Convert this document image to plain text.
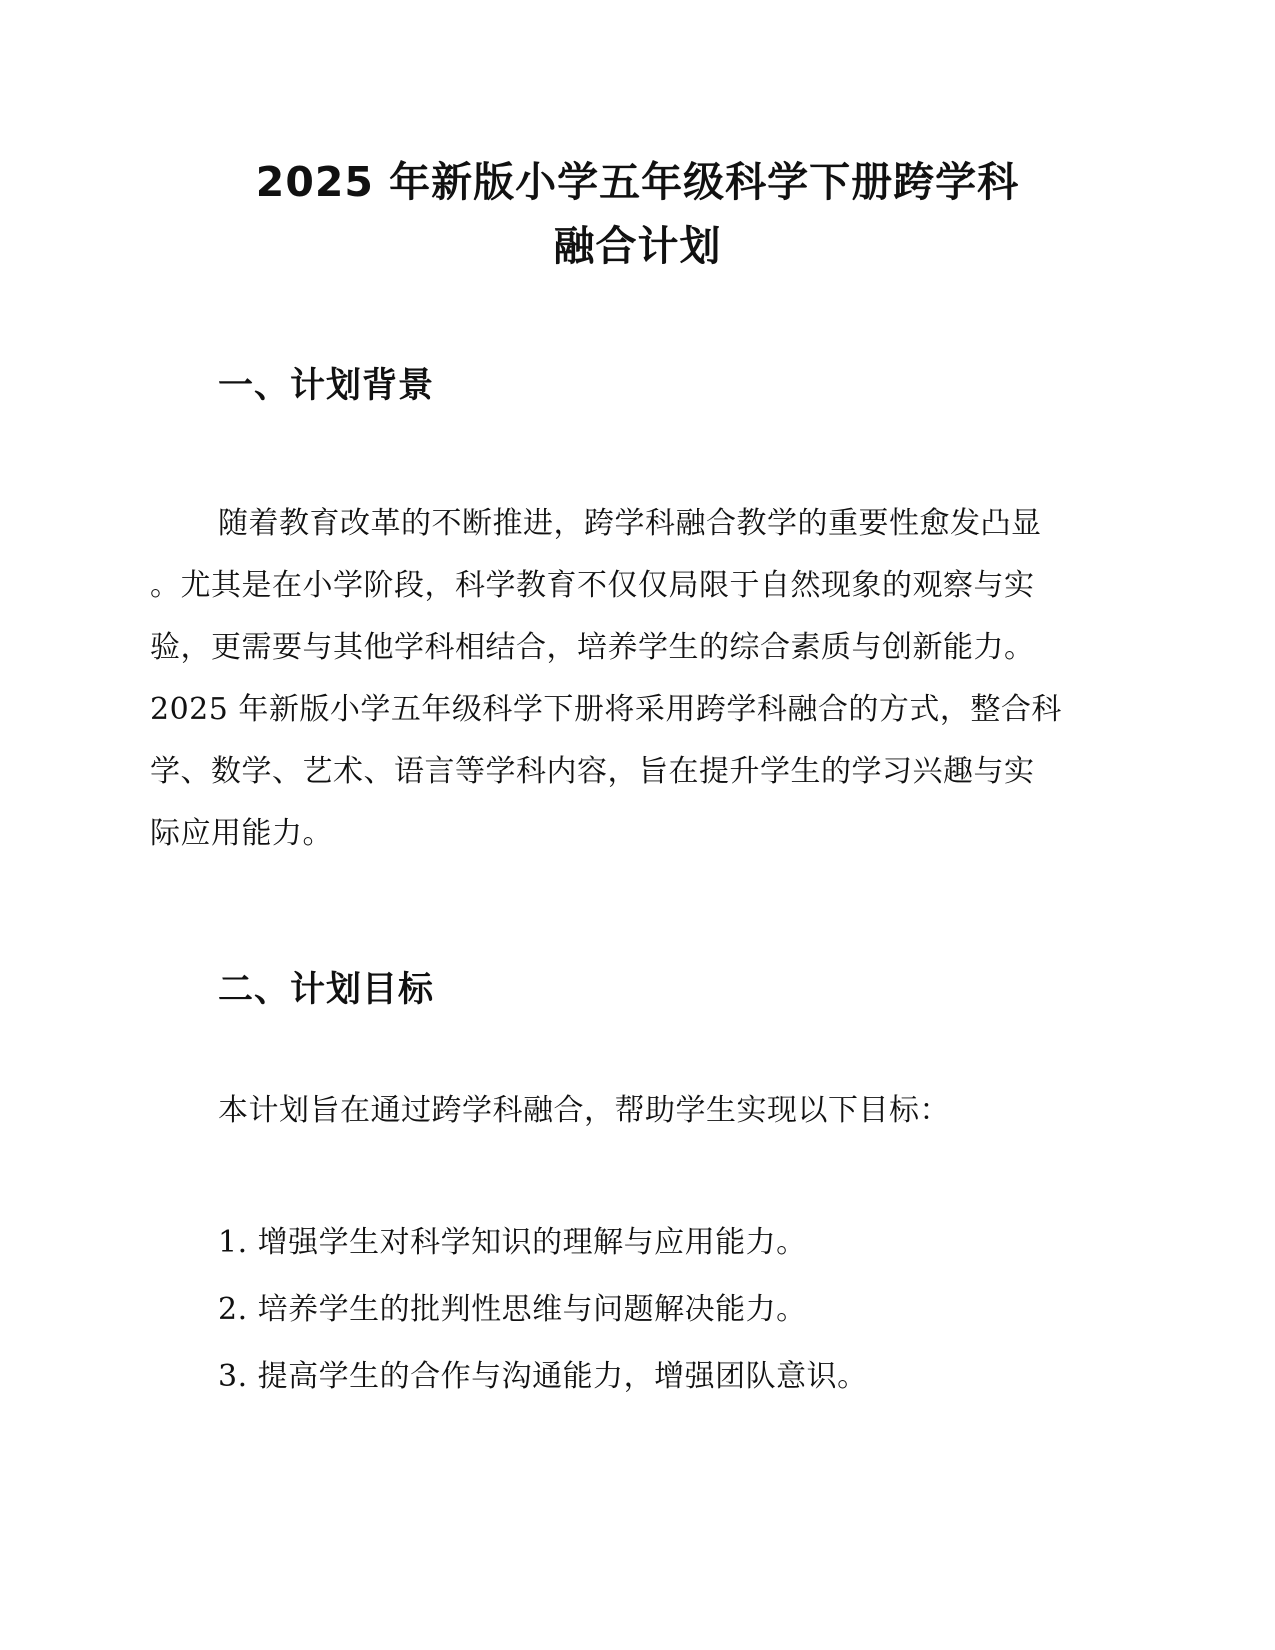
2025 年新版小学五年级科学下册跨学科
融合计划
一、计划背景

随着教育改革的不断推进，跨学科融合教学的重要性愈发凸显
。尤其是在小学阶段，科学教育不仅仅局限于自然现象的观察与实
验，更需要与其他学科相结合，培养学生的综合素质与创新能力。
2025 年新版小学五年级科学下册将采用跨学科融合的方式，整合科
学、数学、艺术、语言等学科内容，旨在提升学生的学习兴趣与实
际应用能力。

二、计划目标

本计划旨在通过跨学科融合，帮助学生实现以下目标：

1. 增强学生对科学知识的理解与应用能力。
2. 培养学生的批判性思维与问题解决能力。
3. 提高学生的合作与沟通能力，增强团队意识。
